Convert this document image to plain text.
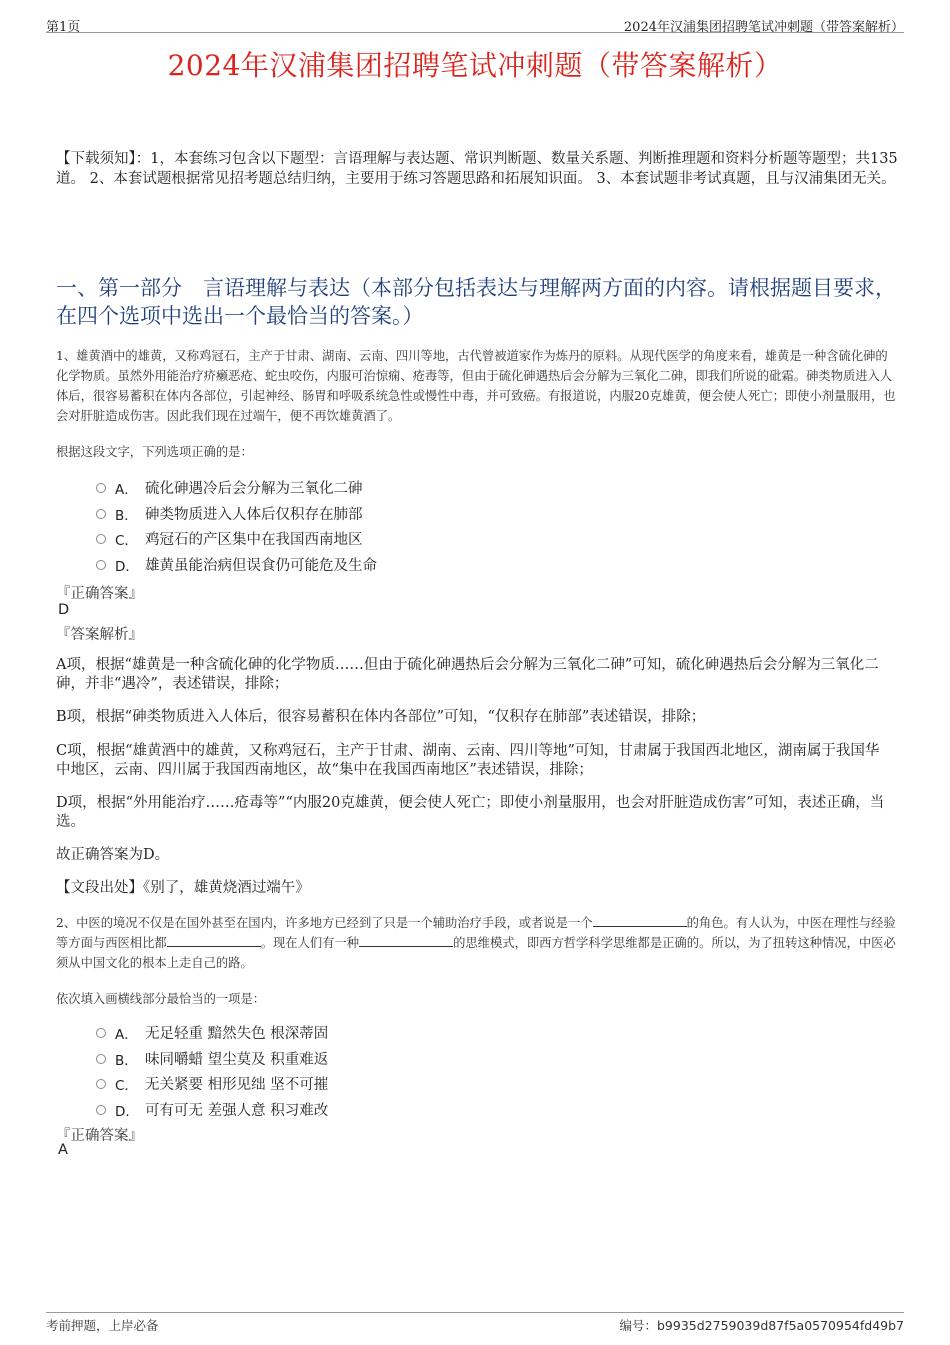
第1页	2024年汉浦集团招聘笔试冲刺题（带答案解析）
2024年汉浦集团招聘笔试冲刺题（带答案解析）
【下载须知】：1，本套练习包含以下题型：言语理解与表达题、常识判断题、数量关系题、判断推理题和资料分析题等题型；共135道。 2、本套试题根据常见招考题总结归纳，主要用于练习答题思路和拓展知识面。 3、本套试题非考试真题，且与汉浦集团无关。
一、第一部分　言语理解与表达（本部分包括表达与理解两方面的内容。请根据题目要求，在四个选项中选出一个最恰当的答案。）
1、雄黄酒中的雄黄，又称鸡冠石，主产于甘肃、湖南、云南、四川等地，古代曾被道家作为炼丹的原料。从现代医学的角度来看，雄黄是一种含硫化砷的化学物质。虽然外用能治疗疥癞恶疮、蛇虫咬伤，内服可治惊痫、疮毒等，但由于硫化砷遇热后会分解为三氧化二砷，即我们所说的砒霜。砷类物质进入人体后，很容易蓄积在体内各部位，引起神经、肠胃和呼吸系统急性或慢性中毒，并可致癌。有报道说，内服20克雄黄，便会使人死亡；即使小剂量服用，也会对肝脏造成伤害。因此我们现在过端午，便不再饮雄黄酒了。
根据这段文字，下列选项正确的是：
A． 硫化砷遇冷后会分解为三氧化二砷
B． 砷类物质进入人体后仅积存在肺部
C． 鸡冠石的产区集中在我国西南地区
D． 雄黄虽能治病但误食仍可能危及生命
『正确答案』
D
『答案解析』
A项，根据“雄黄是一种含硫化砷的化学物质……但由于硫化砷遇热后会分解为三氧化二砷”可知，硫化砷遇热后会分解为三氧化二砷，并非“遇冷”，表述错误，排除；
B项，根据“砷类物质进入人体后，很容易蓄积在体内各部位”可知，“仅积存在肺部”表述错误，排除；
C项，根据“雄黄酒中的雄黄，又称鸡冠石，主产于甘肃、湖南、云南、四川等地”可知，甘肃属于我国西北地区，湖南属于我国华中地区，云南、四川属于我国西南地区，故“集中在我国西南地区”表述错误，排除；
D项，根据“外用能治疗……疮毒等”“内服20克雄黄，便会使人死亡；即使小剂量服用，也会对肝脏造成伤害”可知，表述正确，当选。
故正确答案为D。
【文段出处】《别了，雄黄烧酒过端午》
2、中医的境况不仅是在国外甚至在国内，许多地方已经到了只是一个辅助治疗手段，或者说是一个	的角色。有人认为，中医在理性与经验等方面与西医相比都	。现在人们有一种	的思维模式，即西方哲学科学思维都是正确的。所以，为了扭转这种情况，中医必须从中国文化的根本上走自己的路。
依次填入画横线部分最恰当的一项是：
A． 无足轻重 黯然失色 根深蒂固
B． 味同嚼蜡 望尘莫及 积重难返
C． 无关紧要 相形见绌 坚不可摧
D． 可有可无 差强人意 积习难改
『正确答案』
A
考前押题，上岸必备	编号：b9935d2759039d87f5a0570954fd49b7
